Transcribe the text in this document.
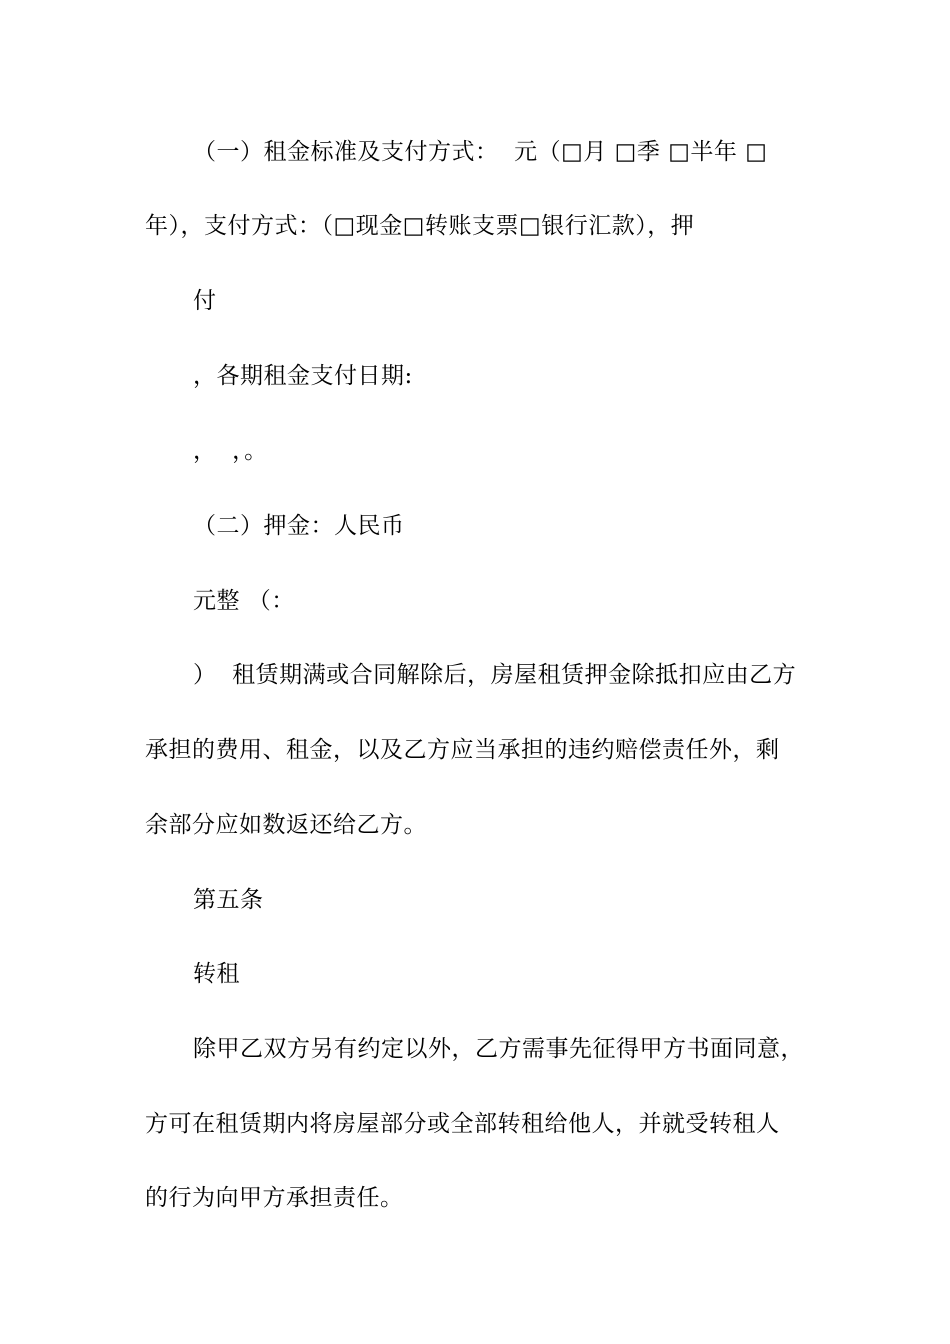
（一）租金标准及支付方式：  元（□月 □季 □半年 □
年），支付方式：（□现金□转账支票□银行汇款），押
付
，各期租金支付日期:
，  ，。
（二）押金：人民币
元整 （：
）  租赁期满或合同解除后，房屋租赁押金除抵扣应由乙方
承担的费用、租金，以及乙方应当承担的违约赔偿责任外，剩
余部分应如数返还给乙方。
第五条
转租
除甲乙双方另有约定以外，乙方需事先征得甲方书面同意，
方可在租赁期内将房屋部分或全部转租给他人，并就受转租人
的行为向甲方承担责任。
